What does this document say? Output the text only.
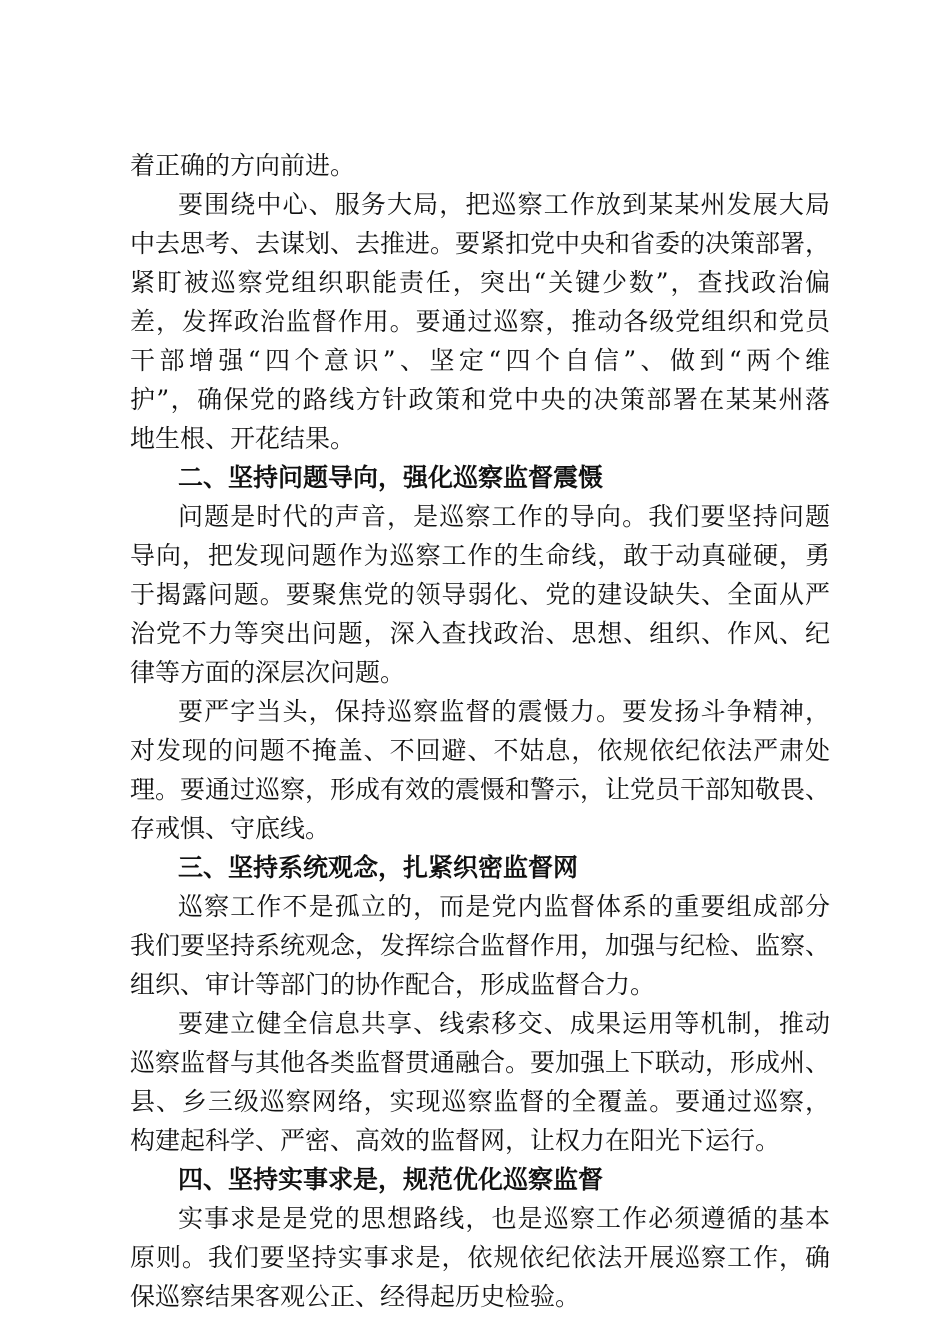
着正确的方向前进。
要围绕中心、服务大局，把巡察工作放到某某州发展大局
中去思考、去谋划、去推进。要紧扣党中央和省委的决策部署，
紧盯被巡察党组织职能责任，突出“关键少数”，查找政治偏
差，发挥政治监督作用。要通过巡察，推动各级党组织和党员
干部增强“四个意识”、坚定“四个自信”、做到“两个维
护”，确保党的路线方针政策和党中央的决策部署在某某州落
地生根、开花结果。
二、坚持问题导向，强化巡察监督震慑
问题是时代的声音，是巡察工作的导向。我们要坚持问题
导向，把发现问题作为巡察工作的生命线，敢于动真碰硬，勇
于揭露问题。要聚焦党的领导弱化、党的建设缺失、全面从严
治党不力等突出问题，深入查找政治、思想、组织、作风、纪
律等方面的深层次问题。
要严字当头，保持巡察监督的震慑力。要发扬斗争精神，
对发现的问题不掩盖、不回避、不姑息，依规依纪依法严肃处
理。要通过巡察，形成有效的震慑和警示，让党员干部知敬畏、
存戒惧、守底线。
三、坚持系统观念，扎紧织密监督网
巡察工作不是孤立的，而是党内监督体系的重要组成部分
我们要坚持系统观念，发挥综合监督作用，加强与纪检、监察、
组织、审计等部门的协作配合，形成监督合力。
要建立健全信息共享、线索移交、成果运用等机制，推动
巡察监督与其他各类监督贯通融合。要加强上下联动，形成州、
县、乡三级巡察网络，实现巡察监督的全覆盖。要通过巡察，
构建起科学、严密、高效的监督网，让权力在阳光下运行。
四、坚持实事求是，规范优化巡察监督
实事求是是党的思想路线，也是巡察工作必须遵循的基本
原则。我们要坚持实事求是，依规依纪依法开展巡察工作，确
保巡察结果客观公正、经得起历史检验。
